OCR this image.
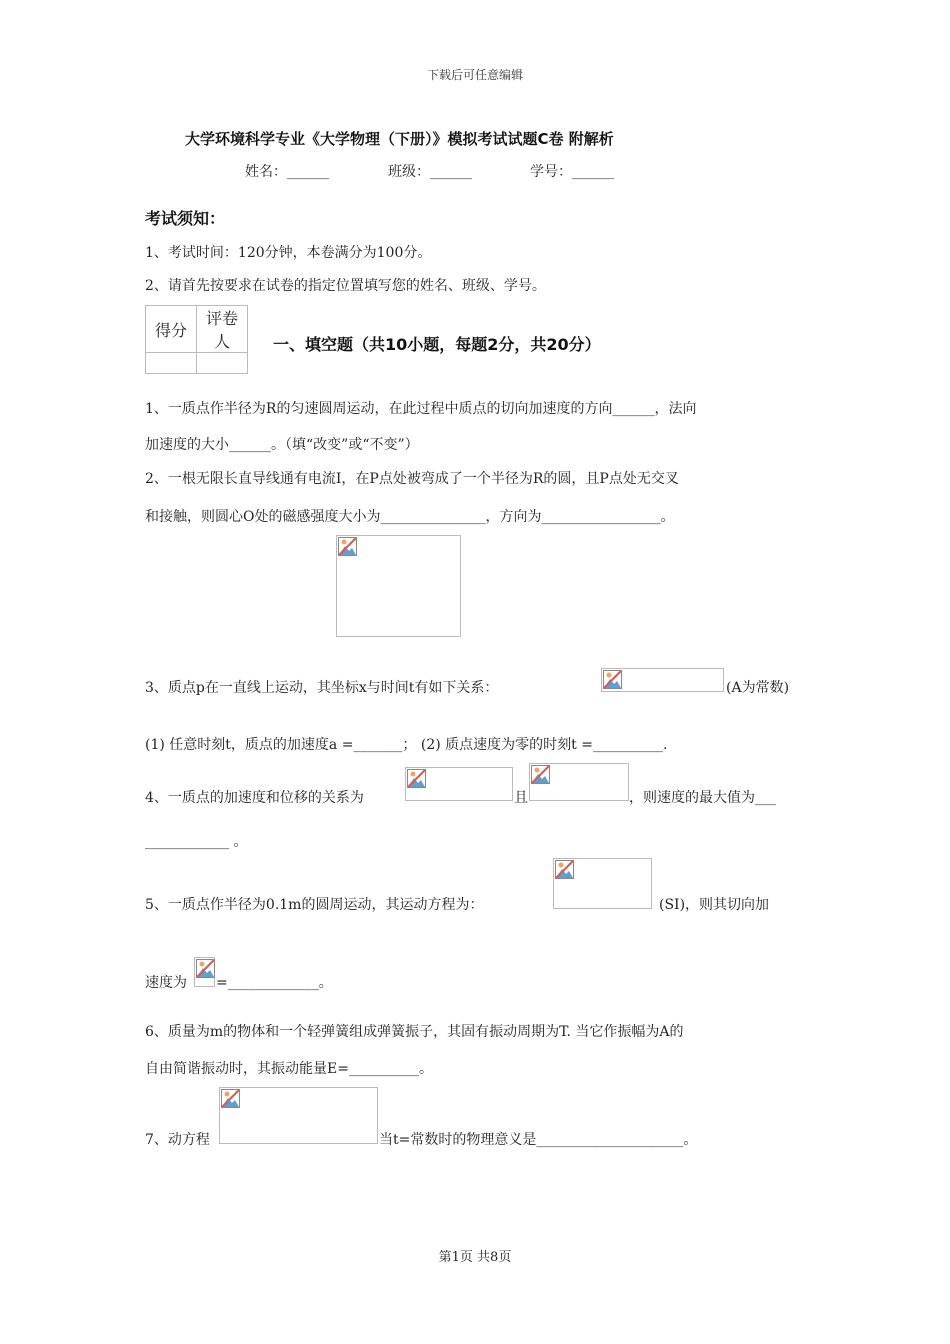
下载后可任意编辑
大学环境科学专业《大学物理（下册）》模拟考试试题C卷 附解析
姓名：______	班级：______	学号：______
考试须知：
1、考试时间：120分钟，本卷满分为100分。
2、请首先按要求在试卷的指定位置填写您的姓名、班级、学号。
得分	评卷人
		一、填空题（共10小题，每题2分，共20分）
1、一质点作半径为R的匀速圆周运动，在此过程中质点的切向加速度的方向______，法向
加速度的大小______。（填“改变”或“不变”）
2、一根无限长直导线通有电流I，在P点处被弯成了一个半径为R的圆，且P点处无交叉
和接触，则圆心O处的磁感强度大小为_______________，方向为_________________。
3、质点p在一直线上运动，其坐标x与时间t有如下关系：	(A为常数)
(1) 任意时刻t，质点的加速度a =_______； (2) 质点速度为零的时刻t =__________.
4、一质点的加速度和位移的关系为	且	，则速度的最大值为___
____________ 。
5、一质点作半径为0.1m的圆周运动，其运动方程为：	(SI)，则其切向加
速度为 =_____________。
6、质量为m的物体和一个轻弹簧组成弹簧振子，其固有振动周期为T. 当它作振幅为A的
自由简谐振动时，其振动能量E=__________。
7、动方程	当t=常数时的物理意义是_____________________。
第1页 共8页
